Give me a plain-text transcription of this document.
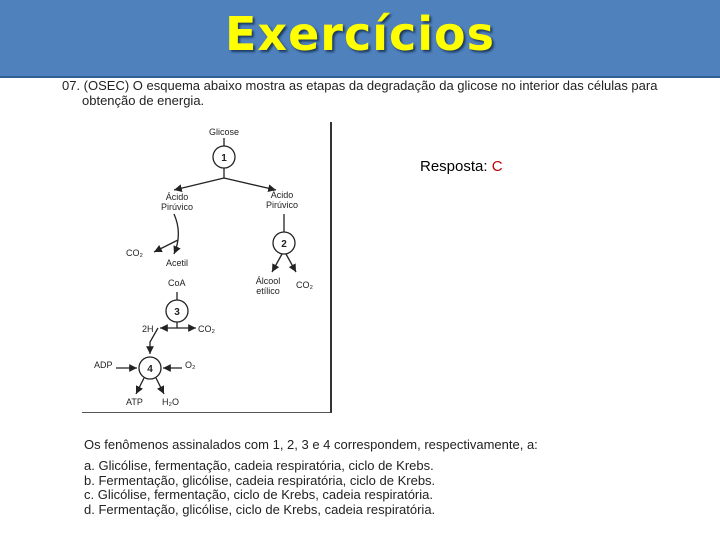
Exercícios
07. (OSEC) O esquema abaixo mostra as etapas da degradação da glicose no interior das células para
obtenção de energia.
Resposta: C
Glicose
1
Ácido
Pirúvico
Ácido
Pirúvico
CO₂
Acetil
CoA
2
Álcool
etílico
CO₂
3
2H	CO₂
4
ADP	O₂
ATP H₂O
Os fenômenos assinalados com 1, 2, 3 e 4 correspondem, respectivamente, a:
a. Glicólise, fermentação, cadeia respiratória, ciclo de Krebs.
b. Fermentação, glicólise, cadeia respiratória, ciclo de Krebs.
c. Glicólise, fermentação, ciclo de Krebs, cadeia respiratória.
d. Fermentação, glicólise, ciclo de Krebs, cadeia respiratória.
